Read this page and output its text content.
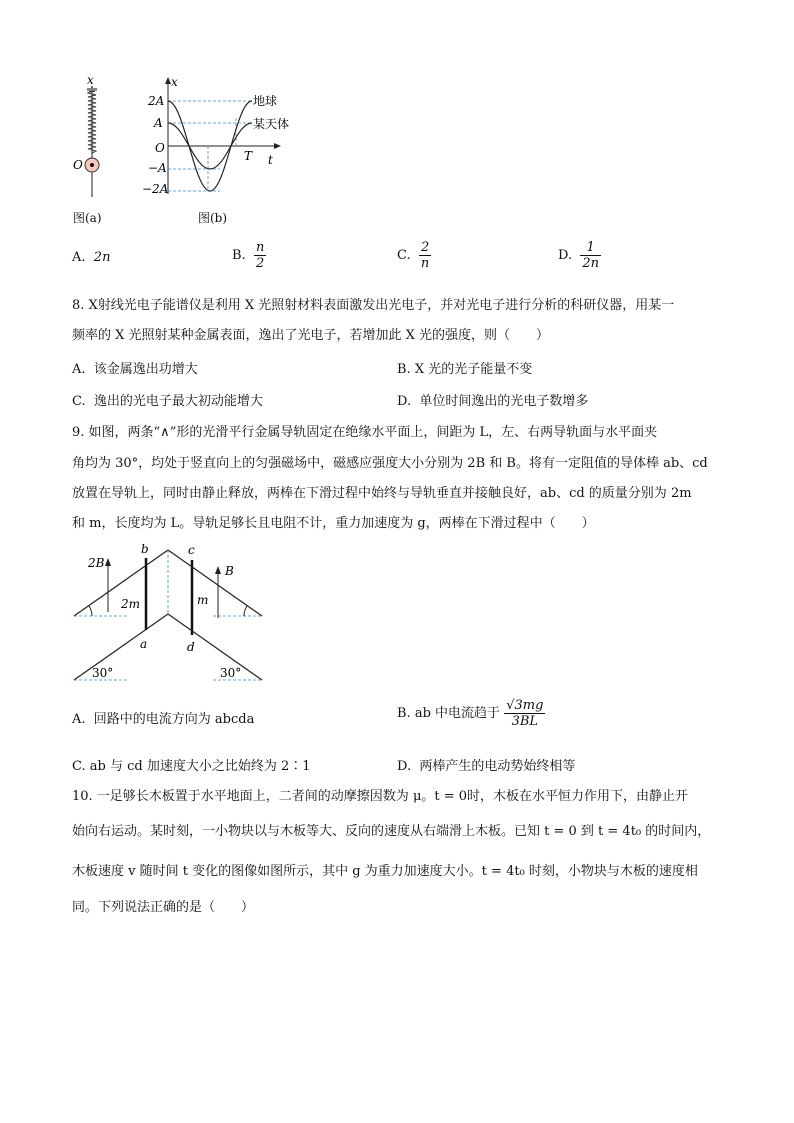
x
O
图(a)
x
t
O
T
2A
A
−A
−2A
地球
某天体
图(b)
A. 2n	B. $\frac{n}{2}$	C. $\frac{2}{n}$	D. $\frac{1}{2n}$
8. X射线光电子能谱仪是利用 X 光照射材料表面激发出光电子，并对光电子进行分析的科研仪器，用某一
频率的 X 光照射某种金属表面，逸出了光电子，若增加此 X 光的强度，则（　　）
A. 该金属逸出功增大	B. X 光的光子能量不变
C. 逸出的光电子最大初动能增大	D. 单位时间逸出的光电子数增多
9. 如图，两条“∧”形的光滑平行金属导轨固定在绝缘水平面上，间距为 L，左、右两导轨面与水平面夹
角均为 30°，均处于竖直向上的匀强磁场中，磁感应强度大小分别为 2B 和 B。将有一定阻值的导体棒 ab、cd
放置在导轨上，同时由静止释放，两棒在下滑过程中始终与导轨垂直并接触良好，ab、cd 的质量分别为 2m
和 m，长度均为 L。导轨足够长且电阻不计，重力加速度为 g，两棒在下滑过程中（　　）
2B
B
b	c
a	d
2m	m
30°	30°
A. 回路中的电流方向为 abcda	B. ab 中电流趋于 $\frac{√3mg}{3BL}$
C. ab 与 cd 加速度大小之比始终为 2∶1	D. 两棒产生的电动势始终相等
10. 一足够长木板置于水平地面上，二者间的动摩擦因数为 μ。t = 0时，木板在水平恒力作用下，由静止开
始向右运动。某时刻，一小物块以与木板等大、反向的速度从右端滑上木板。已知 t = 0 到 t = 4t₀ 的时间内，
木板速度 v 随时间 t 变化的图像如图所示，其中 g 为重力加速度大小。t = 4t₀ 时刻，小物块与木板的速度相
同。下列说法正确的是（　　）
